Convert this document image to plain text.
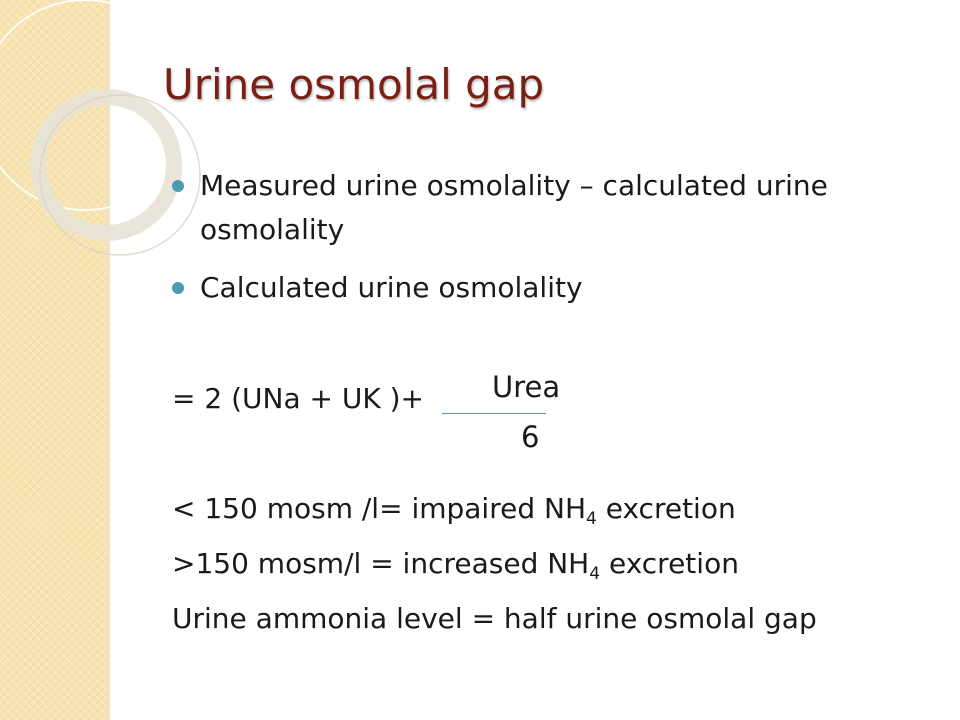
Urine osmolal gap
Measured urine osmolality – calculated urine
osmolality
Calculated urine osmolality
= 2 (UNa + UK )+ Urea
6
< 150 mosm /l= impaired $NH_4$ excretion
>150 mosm/l = increased $NH_4$ excretion
Urine ammonia level = half urine osmolal gap
